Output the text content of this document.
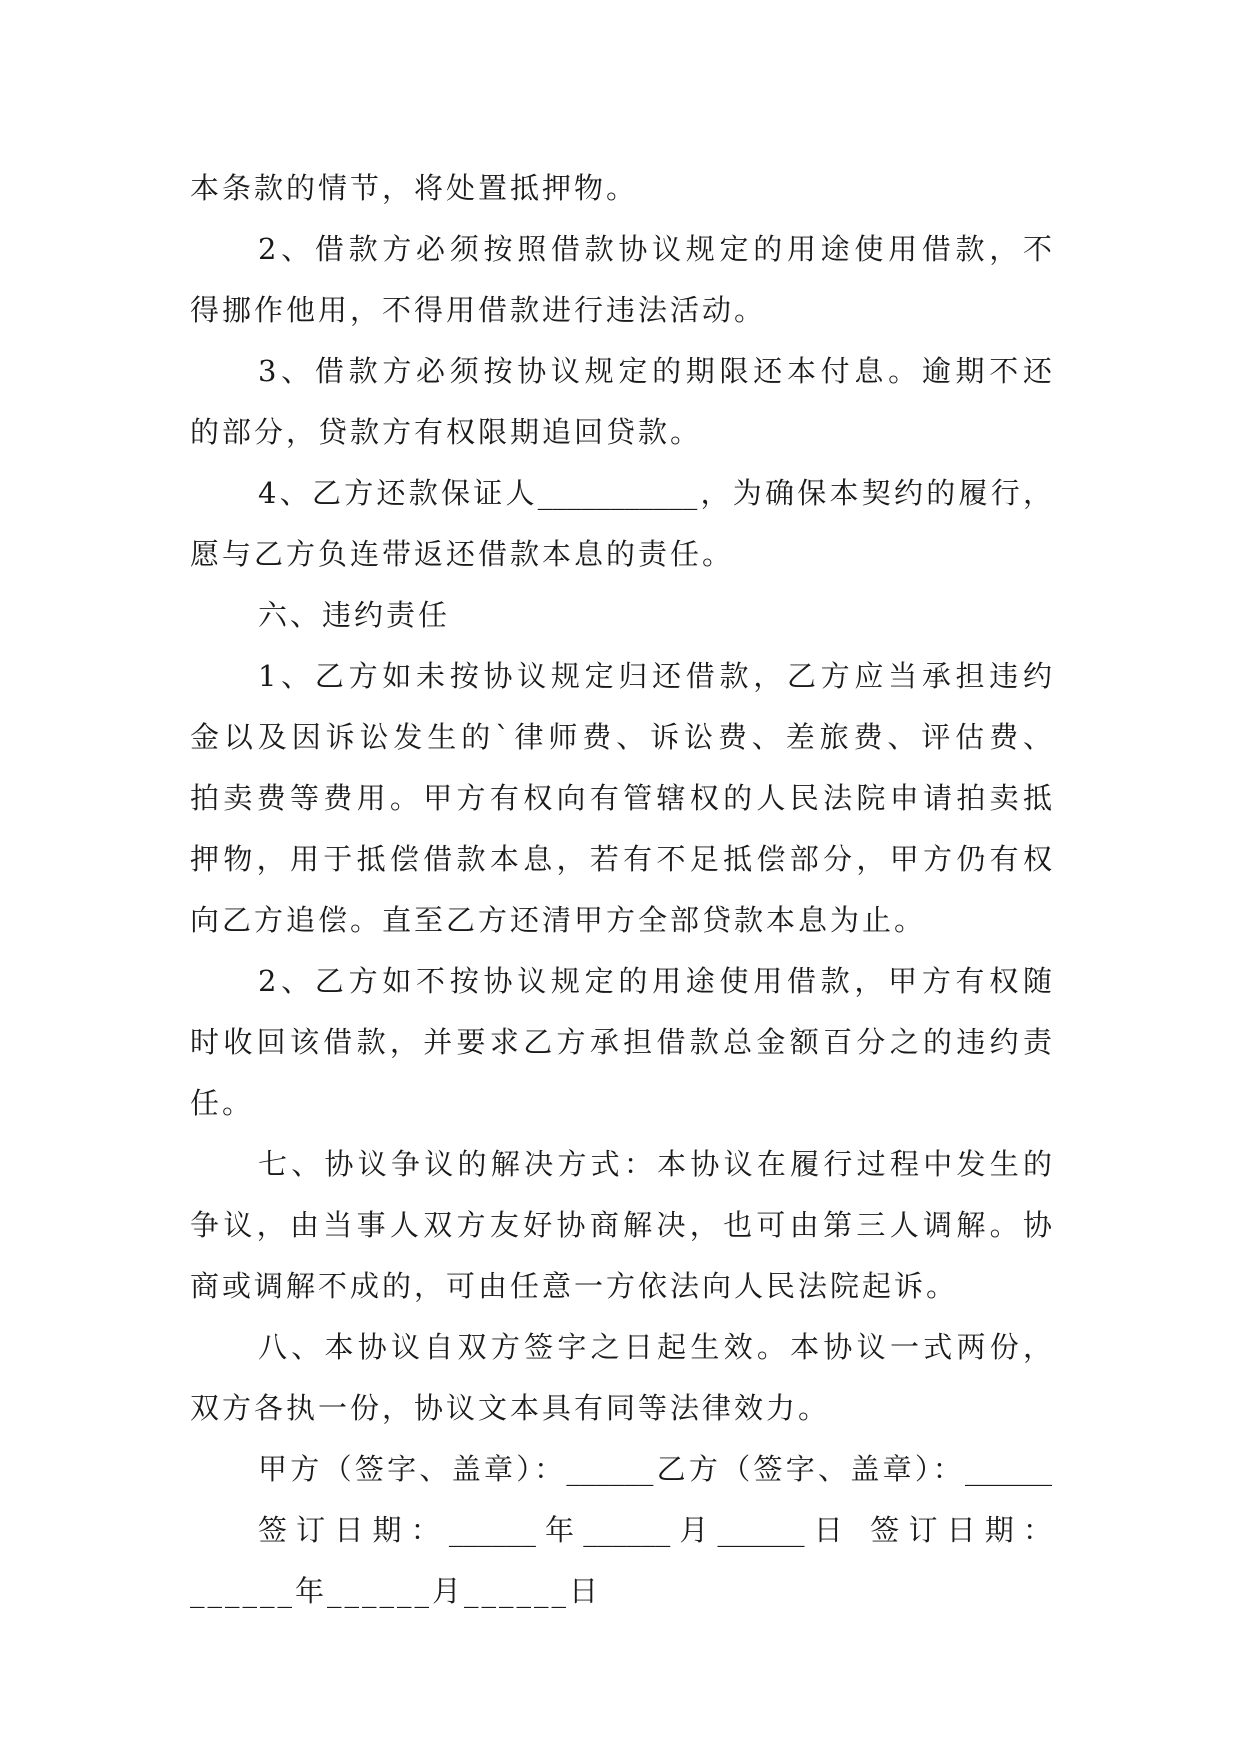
本条款的情节，将处置抵押物。

2、借款方必须按照借款协议规定的用途使用借款，不

得挪作他用，不得用借款进行违法活动。

3、借款方必须按协议规定的期限还本付息。逾期不还

的部分，贷款方有权限期追回贷款。

4、乙方还款保证人___________，为确保本契约的履行，

愿与乙方负连带返还借款本息的责任。

六、违约责任

1、乙方如未按协议规定归还借款，乙方应当承担违约

金以及因诉讼发生的`律师费、诉讼费、差旅费、评估费、

拍卖费等费用。甲方有权向有管辖权的人民法院申请拍卖抵

押物，用于抵偿借款本息，若有不足抵偿部分，甲方仍有权

向乙方追偿。直至乙方还清甲方全部贷款本息为止。

2、乙方如不按协议规定的用途使用借款，甲方有权随

时收回该借款，并要求乙方承担借款总金额百分之的违约责

任。

七、协议争议的解决方式：本协议在履行过程中发生的

争议，由当事人双方友好协商解决，也可由第三人调解。协

商或调解不成的，可由任意一方依法向人民法院起诉。

八、本协议自双方签字之日起生效。本协议一式两份，

双方各执一份，协议文本具有同等法律效力。

甲方（签字、盖章）：______乙方（签字、盖章）：______

签订日期：______年______月______日 签订日期：

______年______月______日
